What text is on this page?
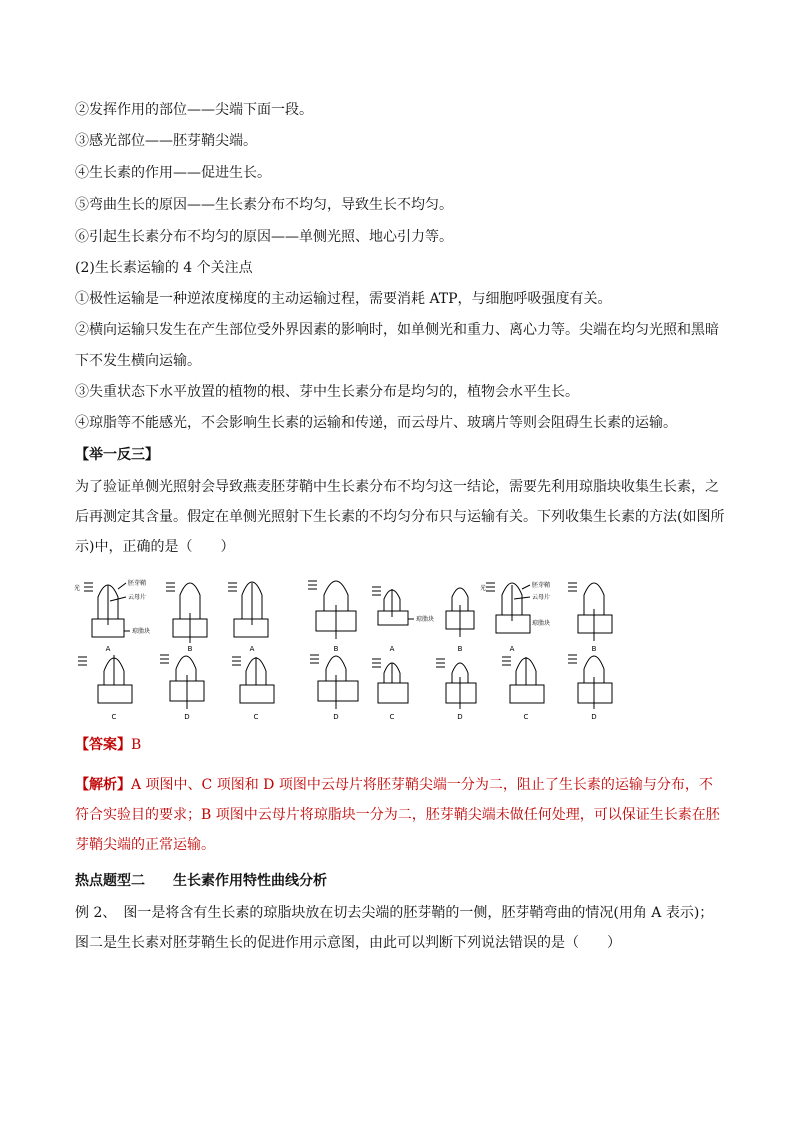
②发挥作用的部位——尖端下面一段。
③感光部位——胚芽鞘尖端。
④生长素的作用——促进生长。
⑤弯曲生长的原因——生长素分布不均匀，导致生长不均匀。
⑥引起生长素分布不均匀的原因——单侧光照、地心引力等。
(2)生长素运输的 4 个关注点
①极性运输是一种逆浓度梯度的主动运输过程，需要消耗 ATP，与细胞呼吸强度有关。
②横向运输只发生在产生部位受外界因素的影响时，如单侧光和重力、离心力等。尖端在均匀光照和黑暗
下不发生横向运输。
③失重状态下水平放置的植物的根、芽中生长素分布是均匀的，植物会水平生长。
④琼脂等不能感光，不会影响生长素的运输和传递，而云母片、玻璃片等则会阻碍生长素的运输。
【举一反三】
为了验证单侧光照射会导致燕麦胚芽鞘中生长素分布不均匀这一结论，需要先利用琼脂块收集生长素，之后再测定其含量。假定在单侧光照射下生长素的不均匀分布只与运输有关。下列收集生长素的方法(如图所示)中，正确的是（　　）
光
胚芽鞘
云母片
琼脂块
琼脂块
光	胚芽鞘
云母片
琼脂块
A	B	A	B	A	B	A	B
C	D	C	D	C	D	C	D
【答案】B
【解析】A 项图中、C 项图和 D 项图中云母片将胚芽鞘尖端一分为二，阻止了生长素的运输与分布，不符合实验目的要求；B 项图中云母片将琼脂块一分为二，胚芽鞘尖端未做任何处理，可以保证生长素在胚芽鞘尖端的正常运输。
热点题型二 生长素作用特性曲线分析
例 2、　图一是将含有生长素的琼脂块放在切去尖端的胚芽鞘的一侧，胚芽鞘弯曲的情况(用角 A 表示)；图二是生长素对胚芽鞘生长的促进作用示意图，由此可以判断下列说法错误的是（　　）
